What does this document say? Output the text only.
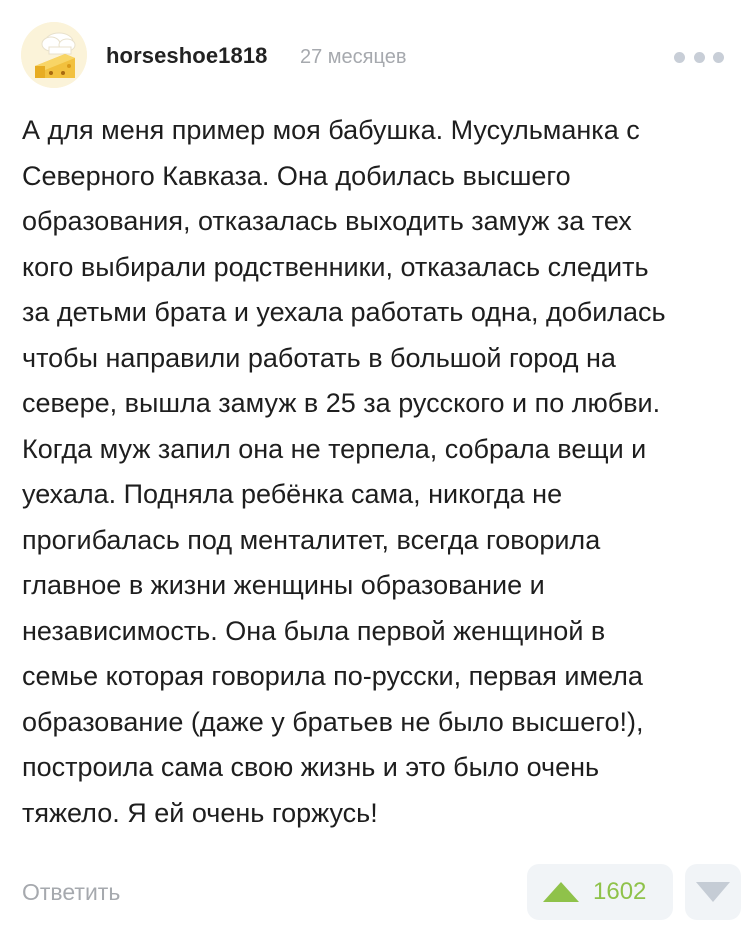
horseshoe1818 27 месяцев
А для меня пример моя бабушка. Мусульманка с
Северного Кавказа. Она добилась высшего
образования, отказалась выходить замуж за тех
кого выбирали родственники, отказалась следить
за детьми брата и уехала работать одна, добилась
чтобы направили работать в большой город на
севере, вышла замуж в 25 за русского и по любви.
Когда муж запил она не терпела, собрала вещи и
уехала. Подняла ребёнка сама, никогда не
прогибалась под менталитет, всегда говорила
главное в жизни женщины образование и
независимость. Она была первой женщиной в
семье которая говорила по-русски, первая имела
образование (даже у братьев не было высшего!),
построила сама свою жизнь и это было очень
тяжело. Я ей очень горжусь!
Ответить	1602
